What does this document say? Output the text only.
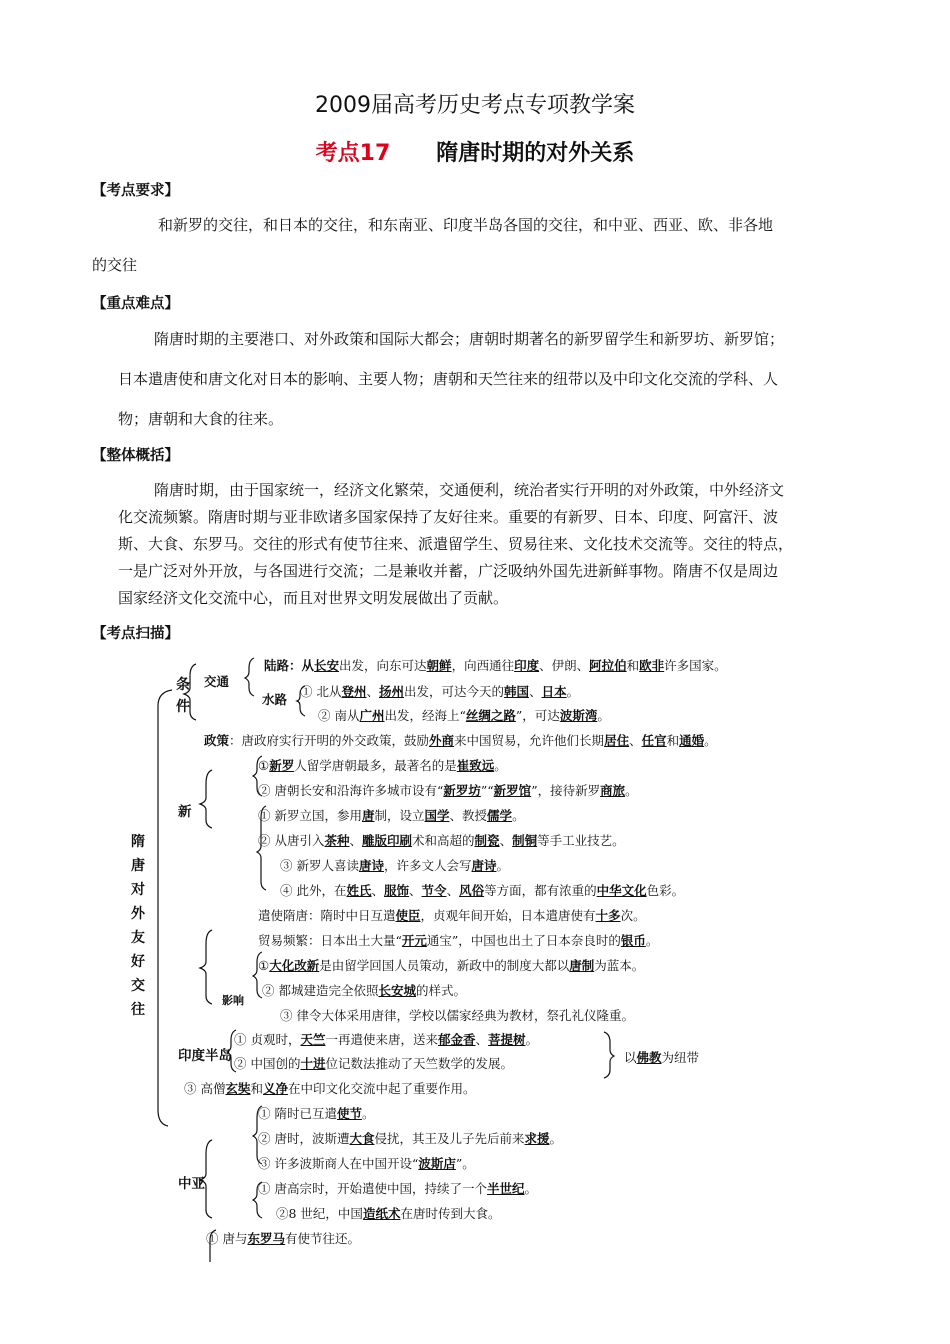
2009届高考历史考点专项教学案
考点17 隋唐时期的对外关系
【考点要求】
和新罗的交往，和日本的交往，和东南亚、印度半岛各国的交往，和中亚、西亚、欧、非各地
的交往
【重点难点】
隋唐时期的主要港口、对外政策和国际大都会；唐朝时期著名的新罗留学生和新罗坊、新罗馆；
日本遣唐使和唐文化对日本的影响、主要人物；唐朝和天竺往来的纽带以及中印文化交流的学科、人
物；唐朝和大食的往来。
【整体概括】
隋唐时期，由于国家统一，经济文化繁荣，交通便利，统治者实行开明的对外政策，中外经济文
化交流频繁。隋唐时期与亚非欧诸多国家保持了友好往来。重要的有新罗、日本、印度、阿富汗、波
斯、大食、东罗马。交往的形式有使节往来、派遣留学生、贸易往来、文化技术交流等。交往的特点，
一是广泛对外开放，与各国进行交流；二是兼收并蓄，广泛吸纳外国先进新鲜事物。隋唐不仅是周边
国家经济文化交流中心，而且对世界文明发展做出了贡献。
【考点扫描】
隋
唐
对
外
友
好
交
往
条件
交通
水路
陆路：从长安出发，向东可达朝鲜，向西通往印度、伊朗、阿拉伯和欧非许多国家。
① 北从登州、扬州出发，可达今天的韩国、日本。
② 南从广州出发，经海上“丝绸之路”，可达波斯湾。
政策：唐政府实行开明的外交政策，鼓励外商来中国贸易，允许他们长期居住、任官和通婚。
新
①新罗人留学唐朝最多，最著名的是崔致远。
② 唐朝长安和沿海许多城市设有“新罗坊”“新罗馆”，接待新罗商旅。
① 新罗立国，参用唐制，设立国学、教授儒学。
② 从唐引入茶种、雕版印刷术和高超的制瓷、制铜等手工业技艺。
③ 新罗人喜读唐诗，许多文人会写唐诗。
④ 此外，在姓氏、服饰、节令、风俗等方面，都有浓重的中华文化色彩。
遣使隋唐：隋时中日互遣使臣，贞观年间开始，日本遣唐使有十多次。
贸易频繁：日本出土大量“开元通宝”，中国也出土了日本奈良时的银币。
①大化改新是由留学回国人员策动，新政中的制度大都以唐制为蓝本。
影响
② 都城建造完全依照长安城的样式。
③ 律令大体采用唐律，学校以儒家经典为教材，祭孔礼仪隆重。
印度半岛
① 贞观时，天竺一再遣使来唐，送来郁金香、菩提树。
② 中国创的十进位记数法推动了天竺数学的发展。
③ 高僧玄奘和义净在中印文化交流中起了重要作用。
以佛教为纽带
中亚
① 隋时已互遣使节。
② 唐时，波斯遭大食侵扰，其王及儿子先后前来求援。
③ 许多波斯商人在中国开设“波斯店”。
① 唐高宗时，开始遣使中国，持续了一个半世纪。
②8 世纪，中国造纸术在唐时传到大食。
① 唐与东罗马有使节往还。
